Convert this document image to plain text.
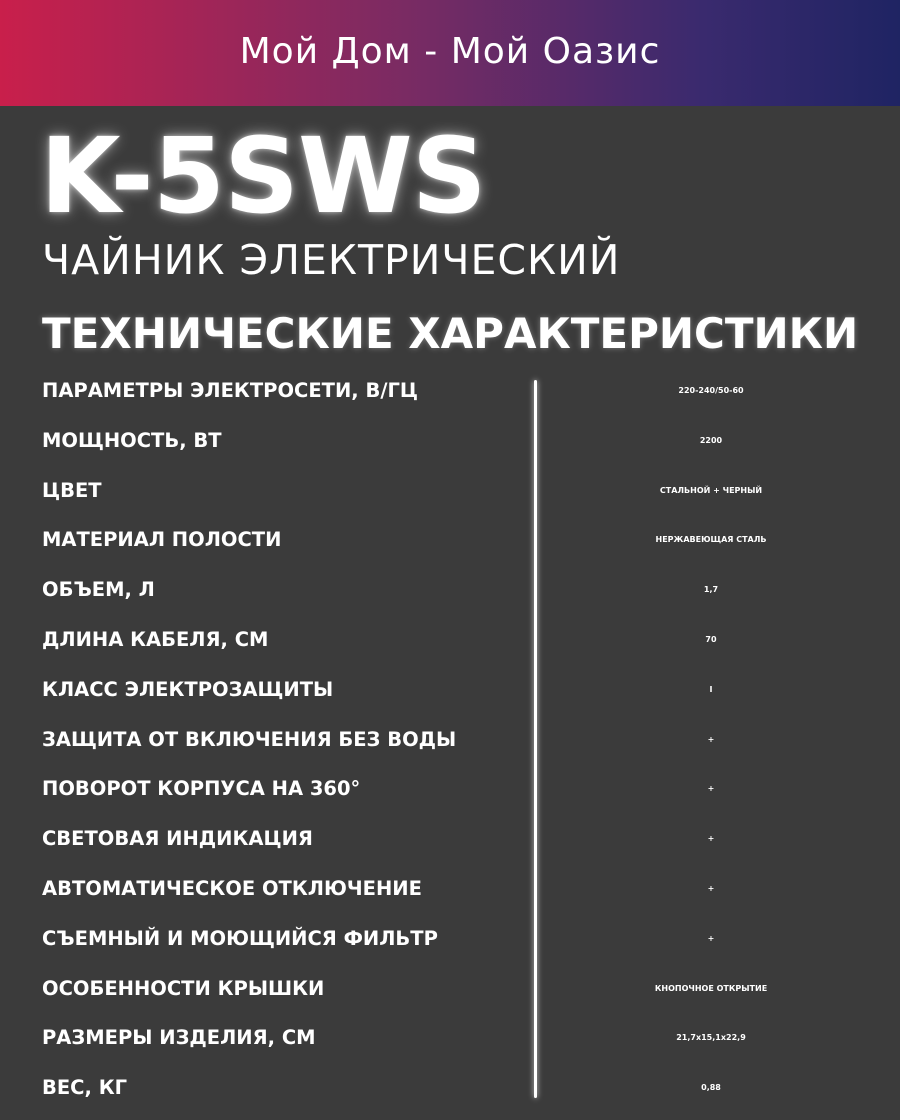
Мой Дом - Мой Оазис
K-5SWS
ЧАЙНИК ЭЛЕКТРИЧЕСКИЙ
ТЕХНИЧЕСКИЕ ХАРАКТЕРИСТИКИ
ПАРАМЕТРЫ ЭЛЕКТРОСЕТИ, В/ГЦ	220-240/50-60
МОЩНОСТЬ, ВТ	2200
ЦВЕТ	СТАЛЬНОЙ + ЧЕРНЫЙ
МАТЕРИАЛ ПОЛОСТИ	НЕРЖАВЕЮЩАЯ СТАЛЬ
ОБЪЕМ, Л	1,7
ДЛИНА КАБЕЛЯ, СМ	70
КЛАСС ЭЛЕКТРОЗАЩИТЫ	I
ЗАЩИТА ОТ ВКЛЮЧЕНИЯ БЕЗ ВОДЫ	+
ПОВОРОТ КОРПУСА НА 360°	+
СВЕТОВАЯ ИНДИКАЦИЯ	+
АВТОМАТИЧЕСКОЕ ОТКЛЮЧЕНИЕ	+
СЪЕМНЫЙ И МОЮЩИЙСЯ ФИЛЬТР	+
ОСОБЕННОСТИ КРЫШКИ	КНОПОЧНОЕ ОТКРЫТИЕ
РАЗМЕРЫ ИЗДЕЛИЯ, СМ	21,7x15,1x22,9
ВЕС, КГ	0,88
